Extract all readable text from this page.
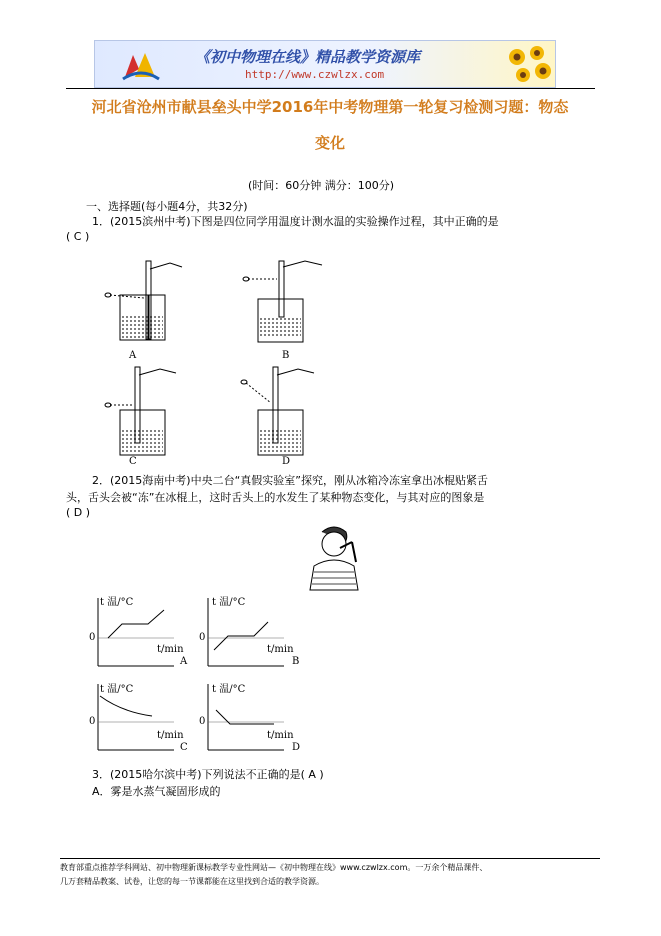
《初中物理在线》精品教学资源库
http://www.czwlzx.com
河北省沧州市献县垒头中学2016年中考物理第一轮复习检测习题：物态
变化
(时间：60分钟 满分：100分)
一、选择题(每小题4分，共32分)
1．(2015滨州中考)下图是四位同学用温度计测水温的实验操作过程，其中正确的是
( C )
A	B
C	D
2．(2015海南中考)中央二台“真假实验室”探究，刚从冰箱冷冻室拿出冰棍贴紧舌
头，舌头会被“冻”在冰棍上，这时舌头上的水发生了某种物态变化，与其对应的图象是
( D )
t 温/°C
t/min
0
A
t 温/°C
t/min
0
B
t 温/°C
t/min
0
C
t 温/°C
t/min
0
D
3．(2015哈尔滨中考)下列说法不正确的是( A )
A．雾是水蒸气凝固形成的
教育部重点推荐学科网站、初中物理新课标教学专业性网站—《初中物理在线》www.czwlzx.com。一万余个精品课件、
几万套精品教案、试卷，让您的每一节课都能在这里找到合适的教学资源。
